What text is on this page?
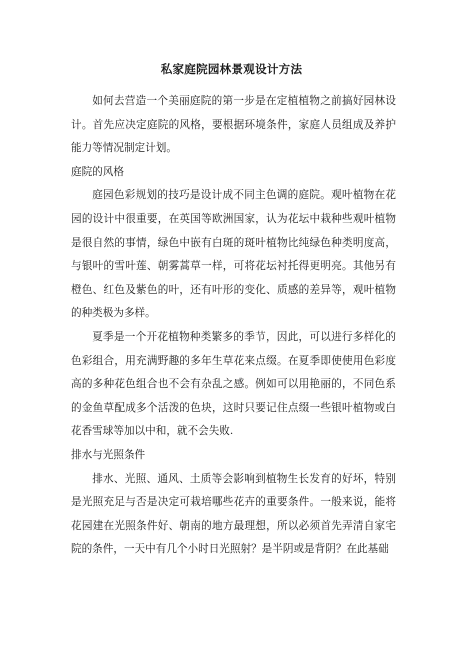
私家庭院园林景观设计方法

如何去营造一个美丽庭院的第一步是在定植植物之前搞好园林设计。首先应决定庭院的风格，要根据环境条件，家庭人员组成及养护能力等情况制定计划。

庭院的风格

庭园色彩规划的技巧是设计成不同主色调的庭院。观叶植物在花园的设计中很重要，在英国等欧洲国家，认为花坛中栽种些观叶植物是很自然的事情，绿色中嵌有白斑的斑叶植物比纯绿色种类明度高，与银叶的雪叶莲、朝雾蒿草一样，可将花坛衬托得更明亮。其他另有橙色、红色及紫色的叶，还有叶形的变化、质感的差异等，观叶植物的种类极为多样。

夏季是一个开花植物种类繁多的季节，因此，可以进行多样化的色彩组合，用充满野趣的多年生草花来点缀。在夏季即使使用色彩度高的多种花色组合也不会有杂乱之感。例如可以用艳丽的，不同色系的金鱼草配成多个活泼的色块，这时只要记住点缀一些银叶植物或白花香雪球等加以中和，就不会失败.

排水与光照条件

排水、光照、通风、土质等会影响到植物生长发育的好坏，特别是光照充足与否是决定可栽培哪些花卉的重要条件。一般来说，能将花园建在光照条件好、朝南的地方最理想，所以必须首先弄清自家宅院的条件，一天中有几个小时日光照射？是半阴或是背阴？在此基础
